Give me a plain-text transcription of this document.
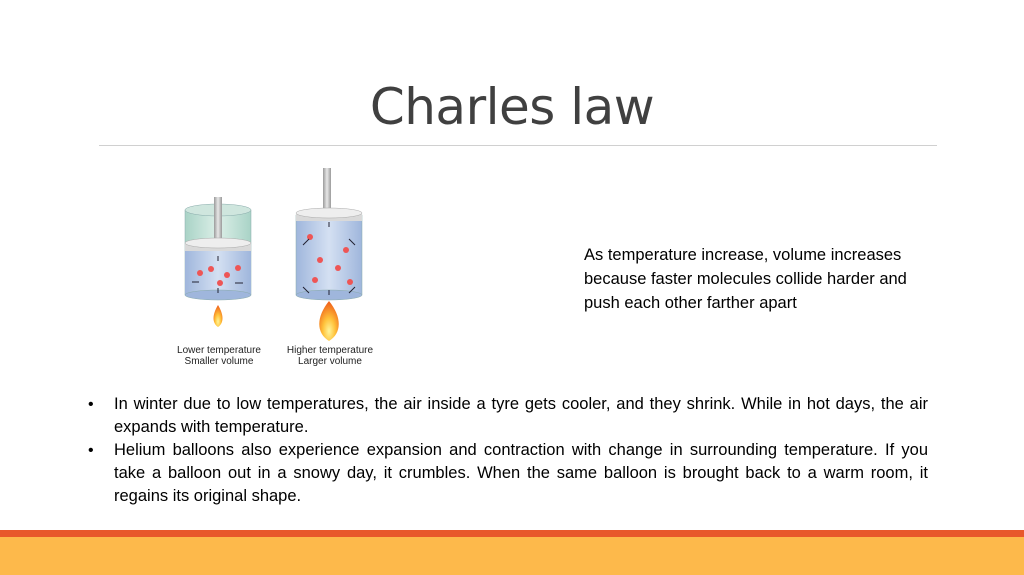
Charles law
Lower temperature
Smaller volume
Higher temperature
Larger volume

As temperature increase, volume increases because faster molecules collide harder and push each other farther apart

• In winter due to low temperatures, the air inside a tyre gets cooler, and they shrink. While in hot days, the air expands with temperature.
• Helium balloons also experience expansion and contraction with change in surrounding temperature. If you take a balloon out in a snowy day, it crumbles. When the same balloon is brought back to a warm room, it regains its original shape.
